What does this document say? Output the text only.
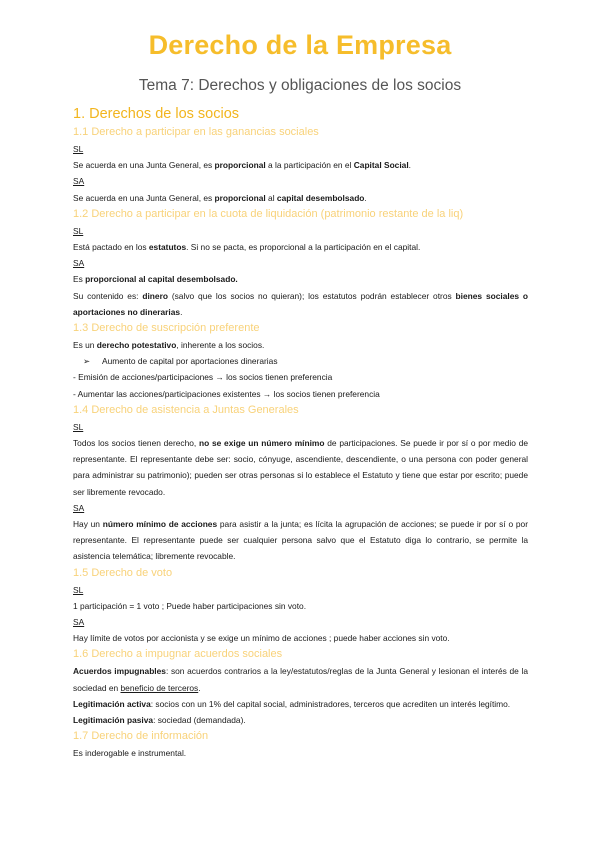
Derecho de la Empresa
Tema 7: Derechos y obligaciones de los socios
1. Derechos de los socios
1.1 Derecho a participar en las ganancias sociales
SL

Se acuerda en una Junta General, es proporcional a la participación en el Capital Social.

SA

Se acuerda en una Junta General, es proporcional al capital desembolsado.

1.2 Derecho a participar en la cuota de liquidación (patrimonio restante de la liq)
SL

Está pactado en los estatutos. Si no se pacta, es proporcional a la participación en el capital.

SA

Es proporcional al capital desembolsado.

Su contenido es: dinero (salvo que los socios no quieran); los estatutos podrán establecer otros bienes sociales o aportaciones no dinerarias.

1.3 Derecho de suscripción preferente

Es un derecho potestativo, inherente a los socios.

➢ Aumento de capital por aportaciones dinerarias

- Emisión de acciones/participaciones → los socios tienen preferencia

- Aumentar las acciones/participaciones existentes → los socios tienen preferencia

1.4 Derecho de asistencia a Juntas Generales
SL

Todos los socios tienen derecho, no se exige un número mínimo de participaciones. Se puede ir por sí o por medio de representante. El representante debe ser: socio, cónyuge, ascendiente, descendiente, o una persona con poder general para administrar su patrimonio); pueden ser otras personas si lo establece el Estatuto y tiene que estar por escrito; puede ser libremente revocado.

SA

Hay un número mínimo de acciones para asistir a la junta; es lícita la agrupación de acciones; se puede ir por sí o por representante. El representante puede ser cualquier persona salvo que el Estatuto diga lo contrario, se permite la asistencia telemática; libremente revocable.

1.5 Derecho de voto
SL

1 participación = 1 voto ; Puede haber participaciones sin voto.

SA

Hay límite de votos por accionista y se exige un mínimo de acciones ; puede haber acciones sin voto.

1.6 Derecho a impugnar acuerdos sociales

Acuerdos impugnables: son acuerdos contrarios a la ley/estatutos/reglas de la Junta General y lesionan el interés de la sociedad en beneficio de terceros.

Legitimación activa: socios con un 1% del capital social, administradores, terceros que acrediten un interés legítimo.

Legitimación pasiva: sociedad (demandada).

1.7 Derecho de información

Es inderogable e instrumental.
